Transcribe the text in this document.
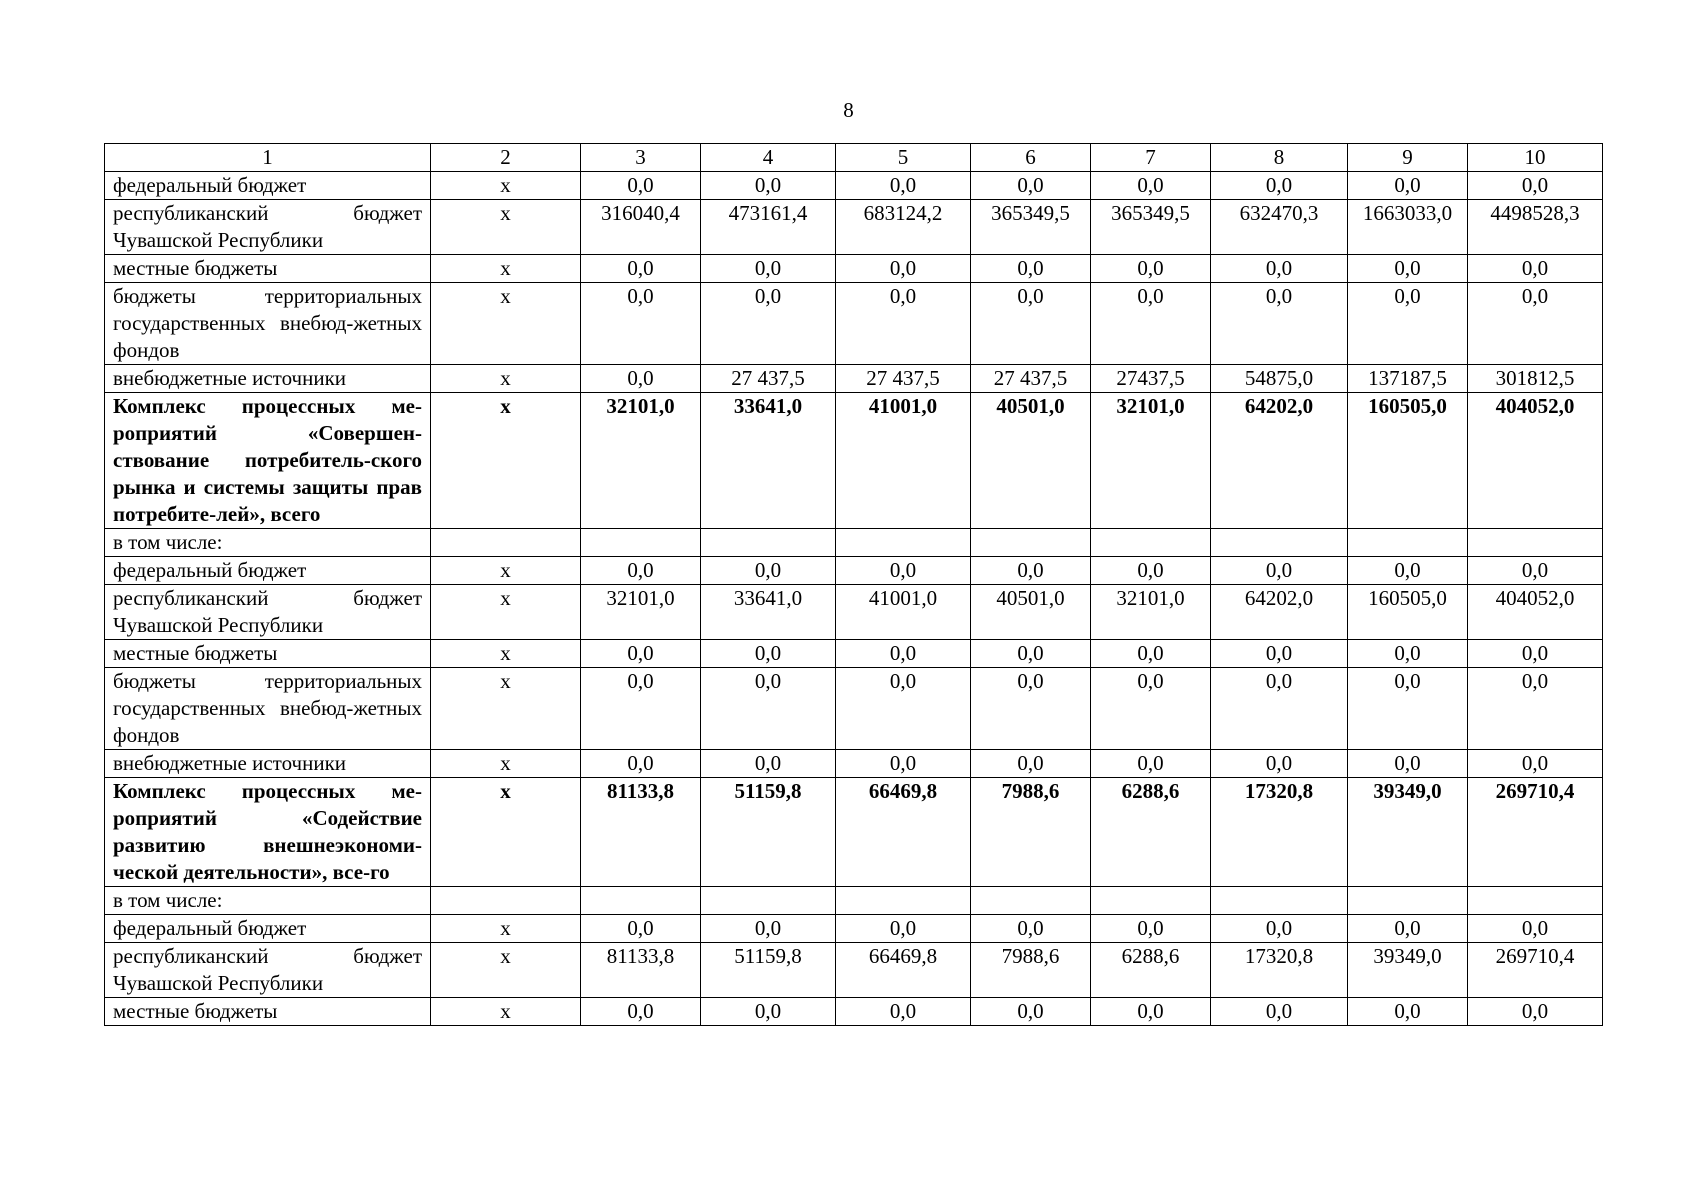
8
1	2	3	4	5	6	7	8	9	10
федеральный бюджет	х	0,0	0,0	0,0	0,0	0,0	0,0	0,0	0,0
республиканский бюджет Чувашской Республики	х	316040,4	473161,4	683124,2	365349,5	365349,5	632470,3	1663033,0	4498528,3
местные бюджеты	х	0,0	0,0	0,0	0,0	0,0	0,0	0,0	0,0
бюджеты территориальных государственных внебюд-жетных фондов	х	0,0	0,0	0,0	0,0	0,0	0,0	0,0	0,0
внебюджетные источники	х	0,0	27 437,5	27 437,5	27 437,5	27437,5	54875,0	137187,5	301812,5
Комплекс процессных ме-роприятий «Совершен-ствование потребитель-ского рынка и системы защиты прав потребите-лей», всего	х	32101,0	33641,0	41001,0	40501,0	32101,0	64202,0	160505,0	404052,0
в том числе:									
федеральный бюджет	х	0,0	0,0	0,0	0,0	0,0	0,0	0,0	0,0
республиканский бюджет Чувашской Республики	х	32101,0	33641,0	41001,0	40501,0	32101,0	64202,0	160505,0	404052,0
местные бюджеты	х	0,0	0,0	0,0	0,0	0,0	0,0	0,0	0,0
бюджеты территориальных государственных внебюд-жетных фондов	х	0,0	0,0	0,0	0,0	0,0	0,0	0,0	0,0
внебюджетные источники	х	0,0	0,0	0,0	0,0	0,0	0,0	0,0	0,0
Комплекс процессных ме-роприятий «Содействие развитию внешнеэкономи-ческой деятельности», все-го	х	81133,8	51159,8	66469,8	7988,6	6288,6	17320,8	39349,0	269710,4
в том числе:									
федеральный бюджет	х	0,0	0,0	0,0	0,0	0,0	0,0	0,0	0,0
республиканский бюджет Чувашской Республики	х	81133,8	51159,8	66469,8	7988,6	6288,6	17320,8	39349,0	269710,4
местные бюджеты	х	0,0	0,0	0,0	0,0	0,0	0,0	0,0	0,0
